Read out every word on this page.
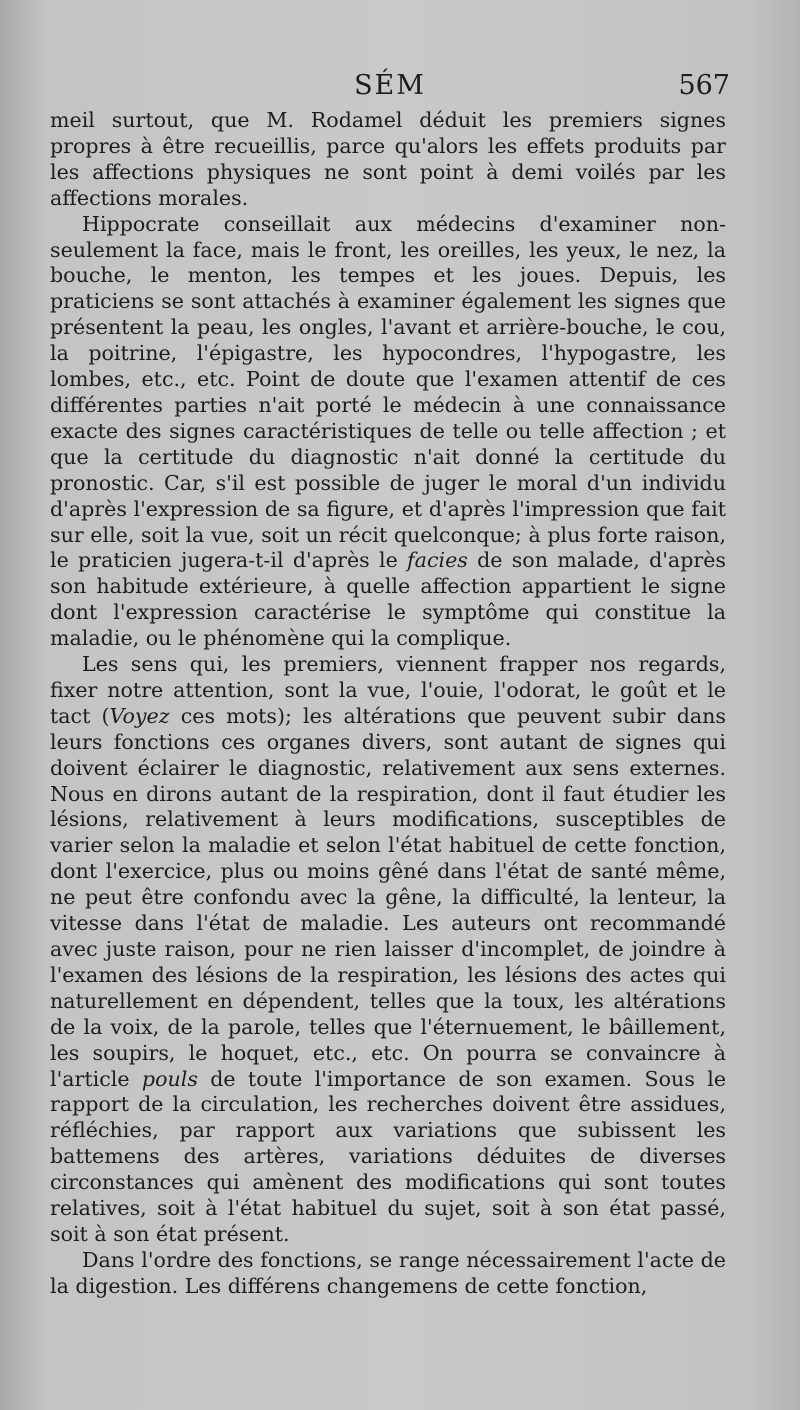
SÉM	567

meil surtout, que M. Rodamel déduit les premiers signes propres à être recueillis, parce qu'alors les effets produits par les affections physiques ne sont point à demi voilés par les affections morales.

Hippocrate conseillait aux médecins d'examiner non-seulement la face, mais le front, les oreilles, les yeux, le nez, la bouche, le menton, les tempes et les joues. Depuis, les praticiens se sont attachés à examiner également les signes que présentent la peau, les ongles, l'avant et arrière-bouche, le cou, la poitrine, l'épigastre, les hypocondres, l'hypogastre, les lombes, etc., etc. Point de doute que l'examen attentif de ces différentes parties n'ait porté le médecin à une connaissance exacte des signes caractéristiques de telle ou telle affection ; et que la certitude du diagnostic n'ait donné la certitude du pronostic. Car, s'il est possible de juger le moral d'un individu d'après l'expression de sa figure, et d'après l'impression que fait sur elle, soit la vue, soit un récit quelconque; à plus forte raison, le praticien jugera-t-il d'après le facies de son malade, d'après son habitude extérieure, à quelle affection appartient le signe dont l'expression caractérise le symptôme qui constitue la maladie, ou le phénomène qui la complique.

Les sens qui, les premiers, viennent frapper nos regards, fixer notre attention, sont la vue, l'ouie, l'odorat, le goût et le tact (Voyez ces mots); les altérations que peuvent subir dans leurs fonctions ces organes divers, sont autant de signes qui doivent éclairer le diagnostic, relativement aux sens externes. Nous en dirons autant de la respiration, dont il faut étudier les lésions, relativement à leurs modifications, susceptibles de varier selon la maladie et selon l'état habituel de cette fonction, dont l'exercice, plus ou moins gêné dans l'état de santé même, ne peut être confondu avec la gêne, la difficulté, la lenteur, la vitesse dans l'état de maladie. Les auteurs ont recommandé avec juste raison, pour ne rien laisser d'incomplet, de joindre à l'examen des lésions de la respiration, les lésions des actes qui naturellement en dépendent, telles que la toux, les altérations de la voix, de la parole, telles que l'éternuement, le bâillement, les soupirs, le hoquet, etc., etc. On pourra se convaincre à l'article pouls de toute l'importance de son examen. Sous le rapport de la circulation, les recherches doivent être assidues, réfléchies, par rapport aux variations que subissent les battemens des artères, variations déduites de diverses circonstances qui amènent des modifications qui sont toutes relatives, soit à l'état habituel du sujet, soit à son état passé, soit à son état présent.

Dans l'ordre des fonctions, se range nécessairement l'acte de la digestion. Les différens changemens de cette fonction,
